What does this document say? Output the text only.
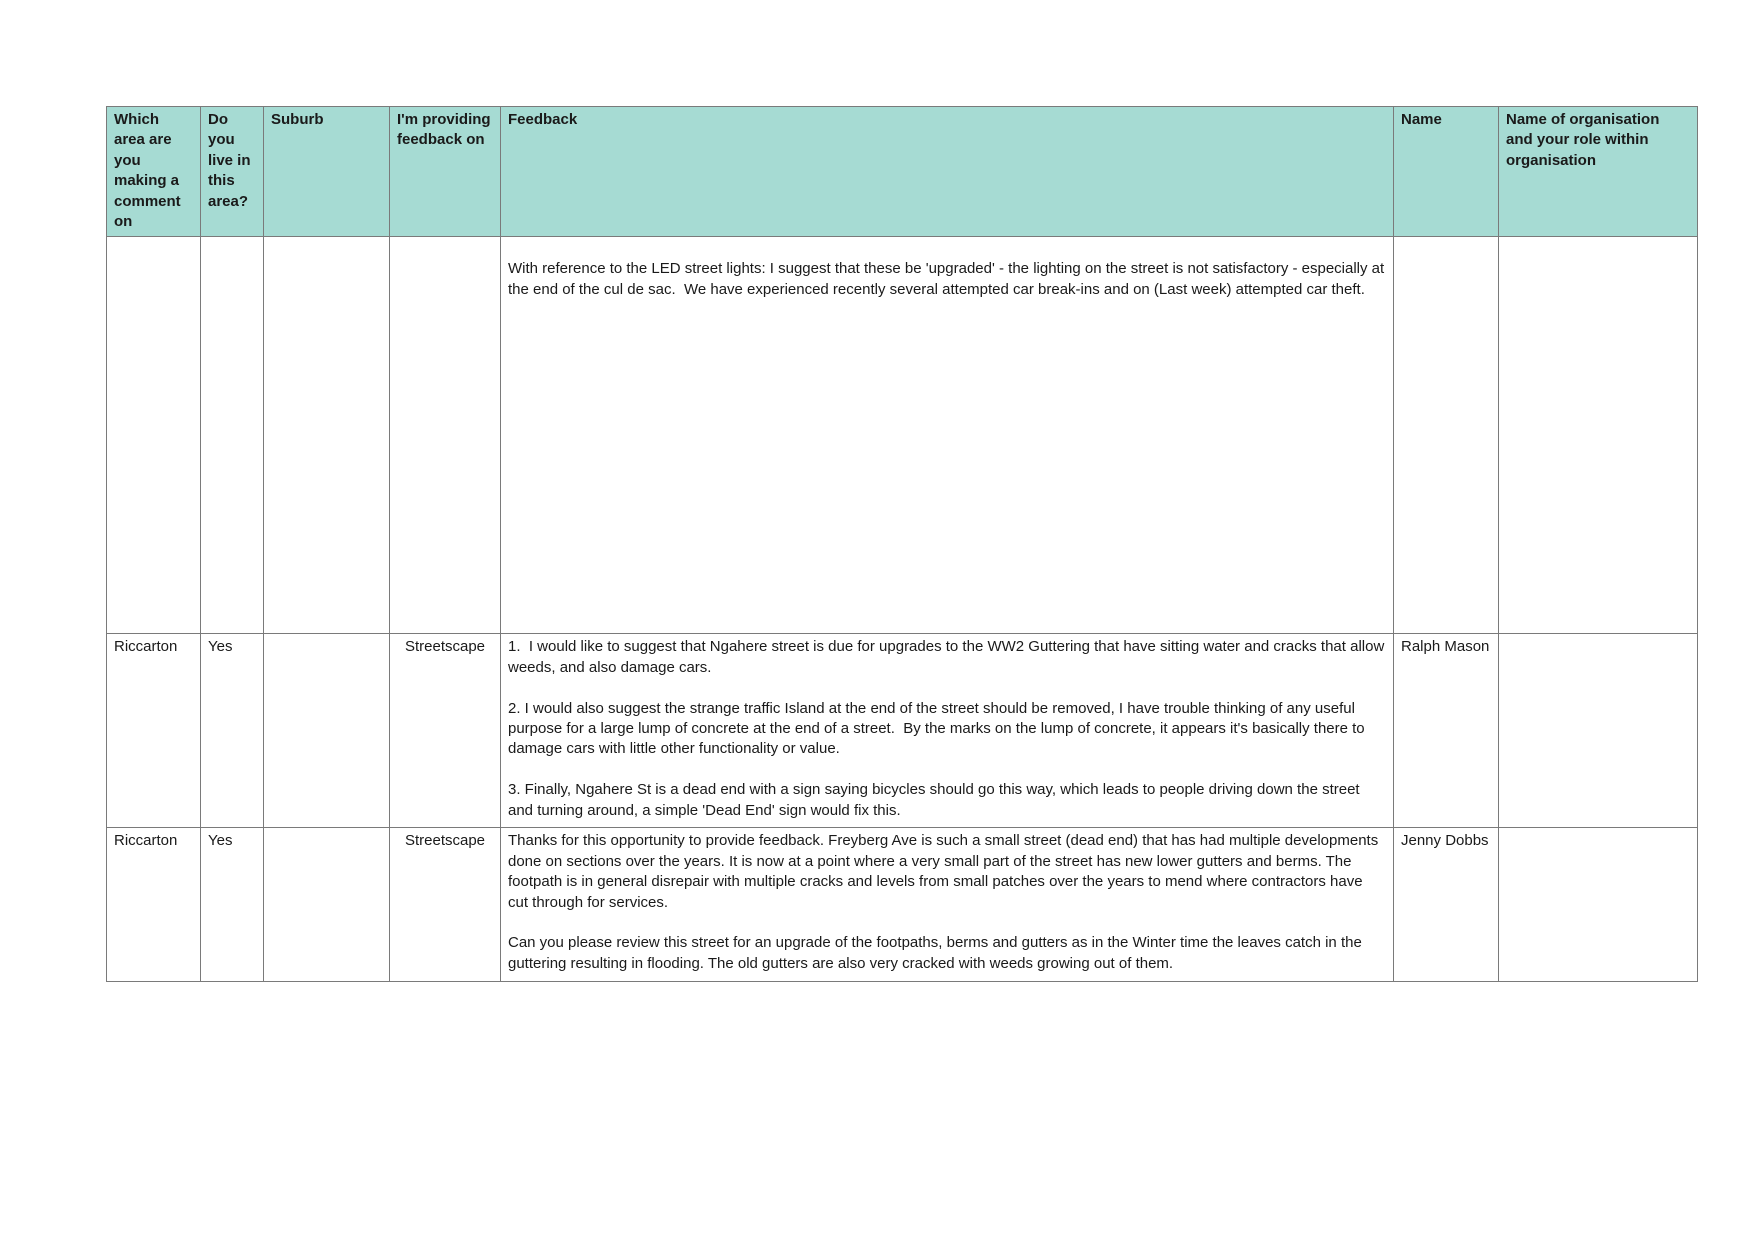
Which area are you making a comment on	Do you live in this area?	Suburb	I'm providing feedback on	Feedback	Name	Name of organisation and your role within organisation
				With reference to the LED street lights: I suggest that these be 'upgraded' - the lighting on the street is not satisfactory - especially at the end of the cul de sac.  We have experienced recently several attempted car break-ins and on (Last week) attempted car theft.		
Riccarton	Yes		Streetscape	1.  I would like to suggest that Ngahere street is due for upgrades to the WW2 Guttering that have sitting water and cracks that allow weeds, and also damage cars.

2. I would also suggest the strange traffic Island at the end of the street should be removed, I have trouble thinking of any useful purpose for a large lump of concrete at the end of a street.  By the marks on the lump of concrete, it appears it's basically there to damage cars with little other functionality or value.

3. Finally, Ngahere St is a dead end with a sign saying bicycles should go this way, which leads to people driving down the street and turning around, a simple 'Dead End' sign would fix this.	Ralph Mason	
Riccarton	Yes		Streetscape	Thanks for this opportunity to provide feedback. Freyberg Ave is such a small street (dead end) that has had multiple developments done on sections over the years. It is now at a point where a very small part of the street has new lower gutters and berms. The footpath is in general disrepair with multiple cracks and levels from small patches over the years to mend where contractors have cut through for services.

Can you please review this street for an upgrade of the footpaths, berms and gutters as in the Winter time the leaves catch in the guttering resulting in flooding. The old gutters are also very cracked with weeds growing out of them.	Jenny Dobbs	
